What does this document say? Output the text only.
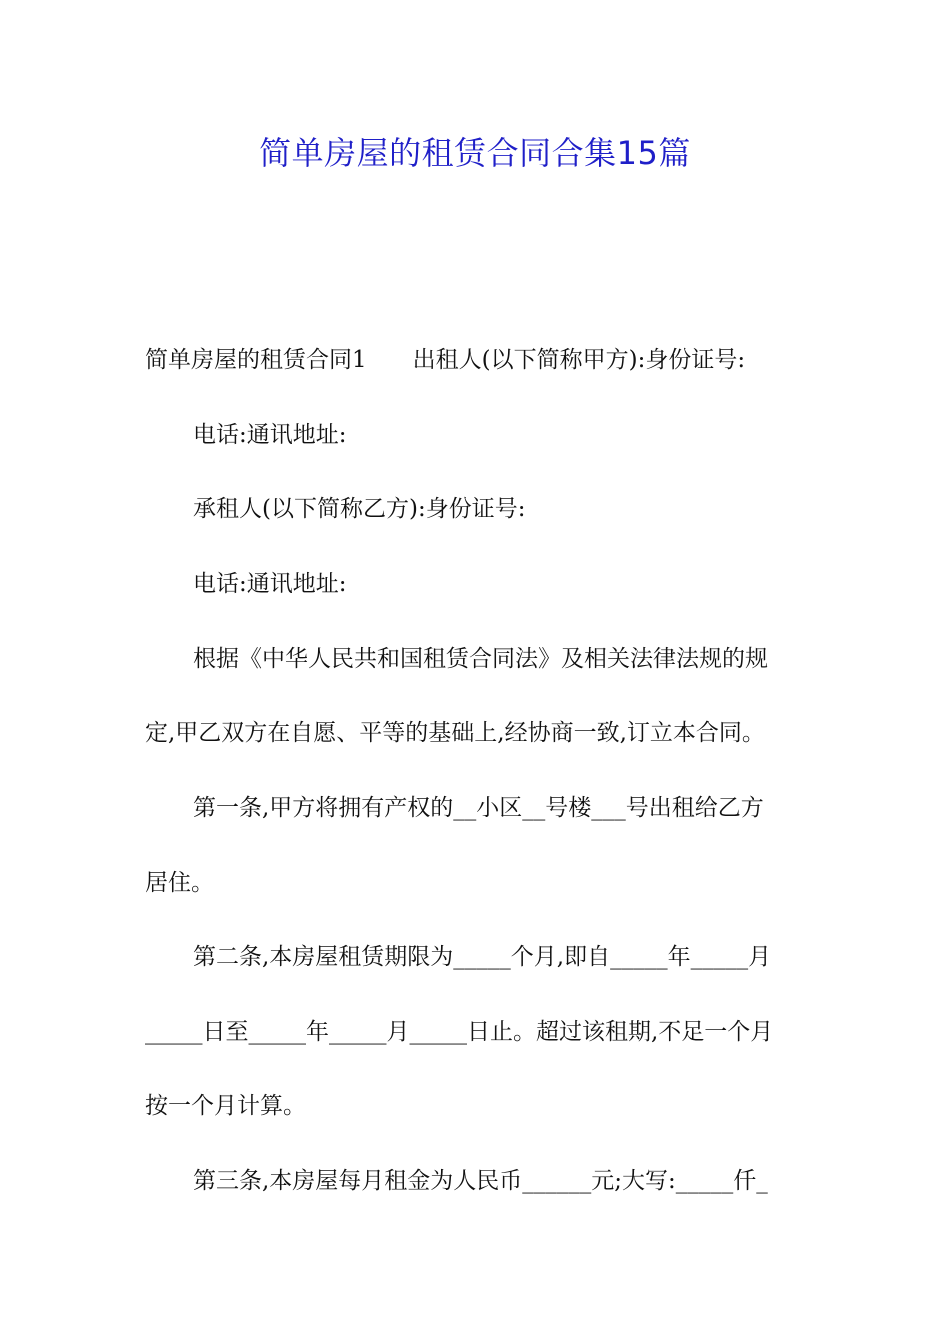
简单房屋的租赁合同合集15篇

简单房屋的租赁合同1　　出租人(以下简称甲方):身份证号:

电话:通讯地址:

承租人(以下简称乙方):身份证号:

电话:通讯地址:

根据《中华人民共和国租赁合同法》及相关法律法规的规

定,甲乙双方在自愿、平等的基础上,经协商一致,订立本合同。

第一条,甲方将拥有产权的__小区__号楼___号出租给乙方

居住。

第二条,本房屋租赁期限为_____个月,即自_____年_____月

_____日至_____年_____月_____日止。超过该租期,不足一个月

按一个月计算。

第三条,本房屋每月租金为人民币______元;大写:_____仟_
